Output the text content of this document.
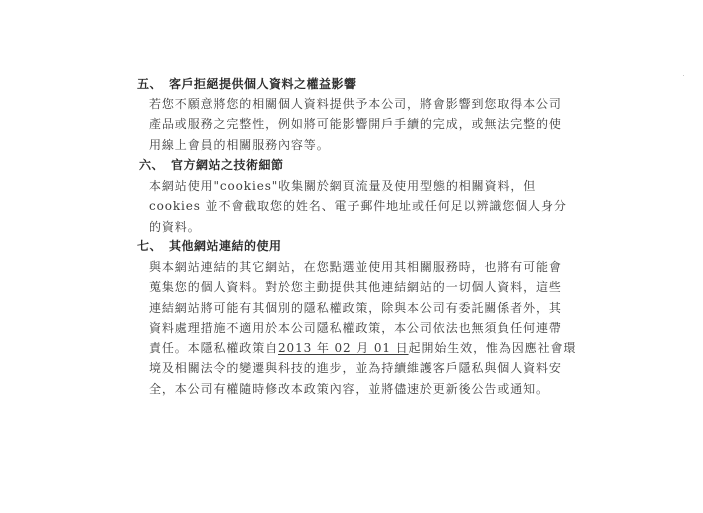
五、 客戶拒絕提供個人資料之權益影響
若您不願意將您的相關個人資料提供予本公司，將會影響到您取得本公司
產品或服務之完整性，例如將可能影響開戶手續的完成，或無法完整的使
用線上會員的相關服務內容等。
六、 官方網站之技術細節
本網站使用"cookies"收集關於網頁流量及使用型態的相關資料，但
cookies 並不會截取您的姓名、電子郵件地址或任何足以辨識您個人身分
的資料。
七、 其他網站連結的使用
與本網站連結的其它網站，在您點選並使用其相關服務時，也將有可能會
蒐集您的個人資料。對於您主動提供其他連結網站的一切個人資料，這些
連結網站將可能有其個別的隱私權政策，除與本公司有委託關係者外，其
資料處理措施不適用於本公司隱私權政策，本公司依法也無須負任何連帶
責任。本隱私權政策自2013 年 02 月 01 日起開始生效，惟為因應社會環
境及相關法令的變遷與科技的進步，並為持續維護客戶隱私與個人資料安
全，本公司有權隨時修改本政策內容，並將儘速於更新後公告或通知。
